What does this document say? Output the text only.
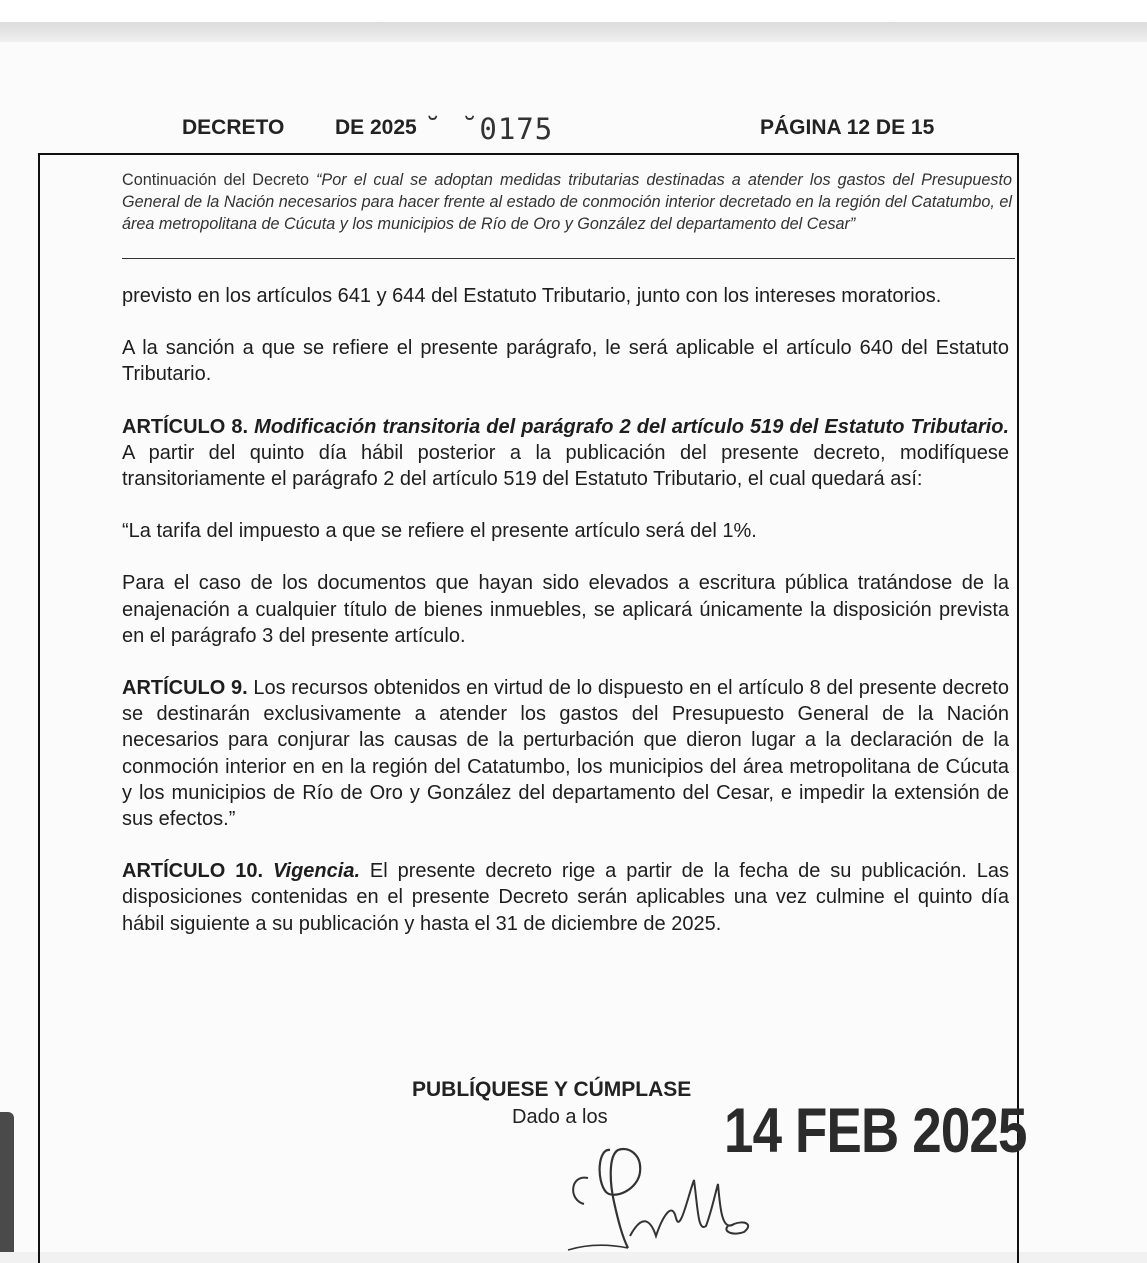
DECRETO DE 2025 ˘ ˘0175	PÁGINA 12 DE 15
Continuación del Decreto “Por el cual se adoptan medidas tributarias destinadas a atender los gastos del Presupuesto General de la Nación necesarios para hacer frente al estado de conmoción interior decretado en la región del Catatumbo, el área metropolitana de Cúcuta y los municipios de Río de Oro y González del departamento del Cesar”

previsto en los artículos 641 y 644 del Estatuto Tributario, junto con los intereses moratorios.

A la sanción a que se refiere el presente parágrafo, le será aplicable el artículo 640 del Estatuto Tributario.

ARTÍCULO 8. Modificación transitoria del parágrafo 2 del artículo 519 del Estatuto Tributario. A partir del quinto día hábil posterior a la publicación del presente decreto, modifíquese transitoriamente el parágrafo 2 del artículo 519 del Estatuto Tributario, el cual quedará así:

“La tarifa del impuesto a que se refiere el presente artículo será del 1%.

Para el caso de los documentos que hayan sido elevados a escritura pública tratándose de la enajenación a cualquier título de bienes inmuebles, se aplicará únicamente la disposición prevista en el parágrafo 3 del presente artículo.

ARTÍCULO 9. Los recursos obtenidos en virtud de lo dispuesto en el artículo 8 del presente decreto se destinarán exclusivamente a atender los gastos del Presupuesto General de la Nación necesarios para conjurar las causas de la perturbación que dieron lugar a la declaración de la conmoción interior en en la región del Catatumbo, los municipios del área metropolitana de Cúcuta y los municipios de Río de Oro y González del departamento del Cesar, e impedir la extensión de sus efectos.”

ARTÍCULO 10. Vigencia. El presente decreto rige a partir de la fecha de su publicación. Las disposiciones contenidas en el presente Decreto serán aplicables una vez culmine el quinto día hábil siguiente a su publicación y hasta el 31 de diciembre de 2025.

PUBLÍQUESE Y CÚMPLASE
Dado a los 14 FEB 2025
